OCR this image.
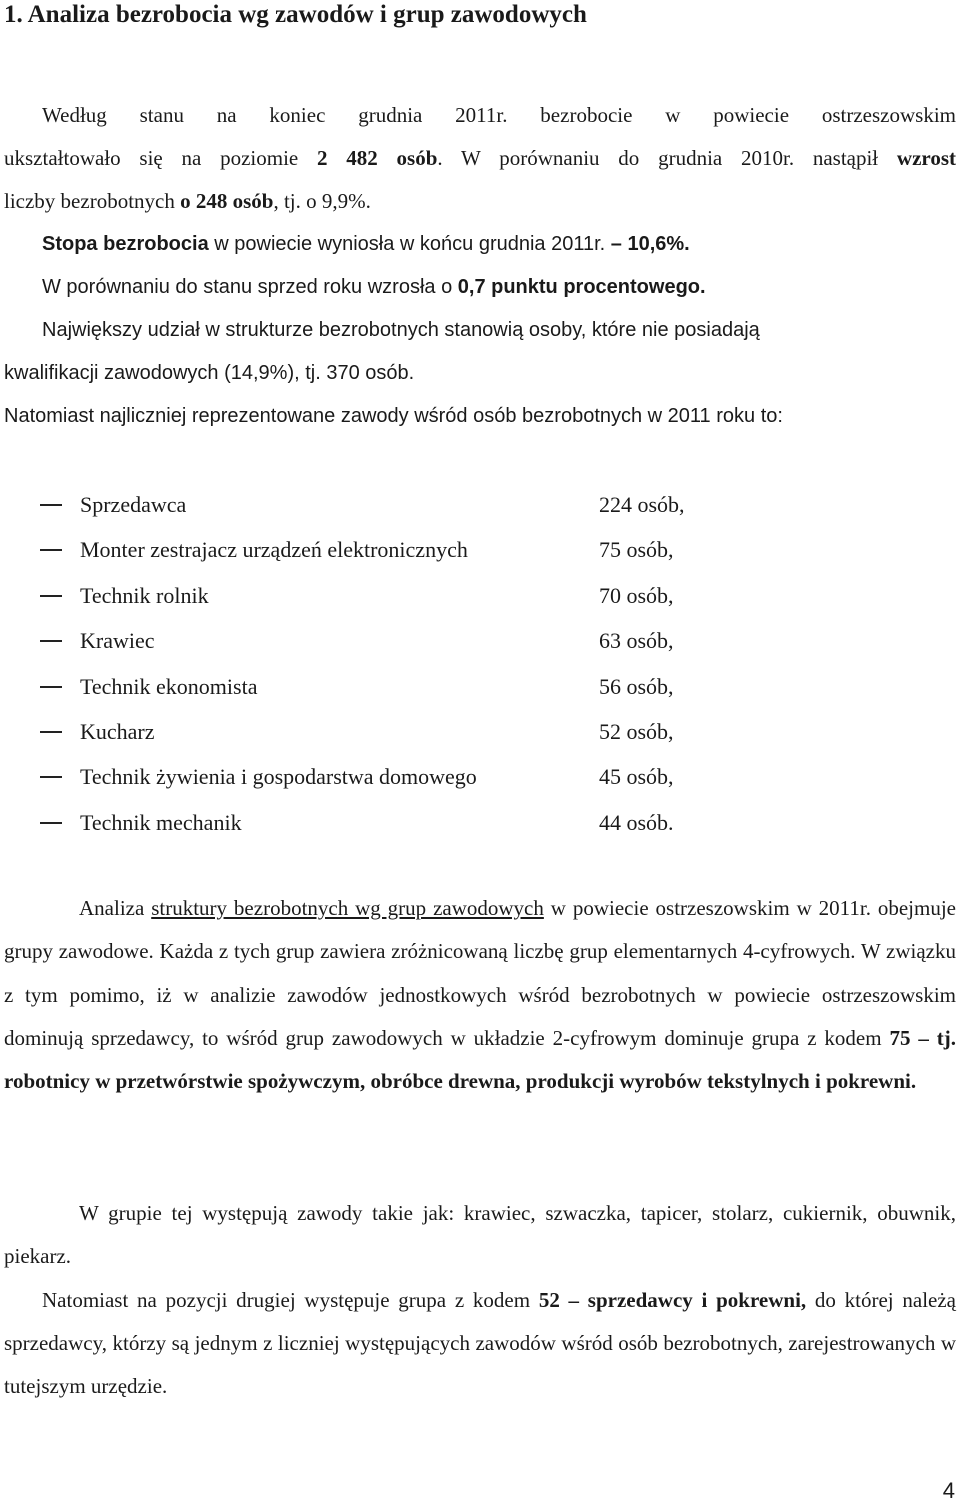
1. Analiza bezrobocia wg zawodów i grup zawodowych
Według stanu na koniec grudnia 2011r. bezrobocie w powiecie ostrzeszowskim
ukształtowało się na poziomie 2 482 osób. W porównaniu do grudnia 2010r. nastąpił wzrost
liczby bezrobotnych o 248 osób, tj. o 9,9%.
Stopa bezrobocia w powiecie wyniosła w końcu grudnia 2011r. – 10,6%.
W porównaniu do stanu sprzed roku wzrosła o 0,7 punktu procentowego.
Największy udział w strukturze bezrobotnych stanowią osoby, które nie posiadają
kwalifikacji zawodowych (14,9%), tj. 370 osób.
Natomiast najliczniej reprezentowane zawody wśród osób bezrobotnych w 2011 roku to:
Sprzedawca	224 osób,
Monter zestrajacz urządzeń elektronicznych	75 osób,
Technik rolnik	70 osób,
Krawiec	63 osób,
Technik ekonomista	56 osób,
Kucharz	52 osób,
Technik żywienia i gospodarstwa domowego	45 osób,
Technik mechanik	44 osób.

Analiza struktury bezrobotnych wg grup zawodowych w powiecie ostrzeszowskim w 2011r. obejmuje grupy zawodowe. Każda z tych grup zawiera zróżnicowaną liczbę grup elementarnych 4-cyfrowych. W związku z tym pomimo, iż w analizie zawodów jednostkowych wśród bezrobotnych w powiecie ostrzeszowskim dominują sprzedawcy, to wśród grup zawodowych w układzie 2-cyfrowym dominuje grupa z kodem 75 – tj. robotnicy w przetwórstwie spożywczym, obróbce drewna, produkcji wyrobów tekstylnych i pokrewni.

W grupie tej występują zawody takie jak: krawiec, szwaczka, tapicer, stolarz, cukiernik, obuwnik, piekarz.

Natomiast na pozycji drugiej występuje grupa z kodem 52 – sprzedawcy i pokrewni, do której należą sprzedawcy, którzy są jednym z liczniej występujących zawodów wśród osób bezrobotnych, zarejestrowanych w tutejszym urzędzie.

4
